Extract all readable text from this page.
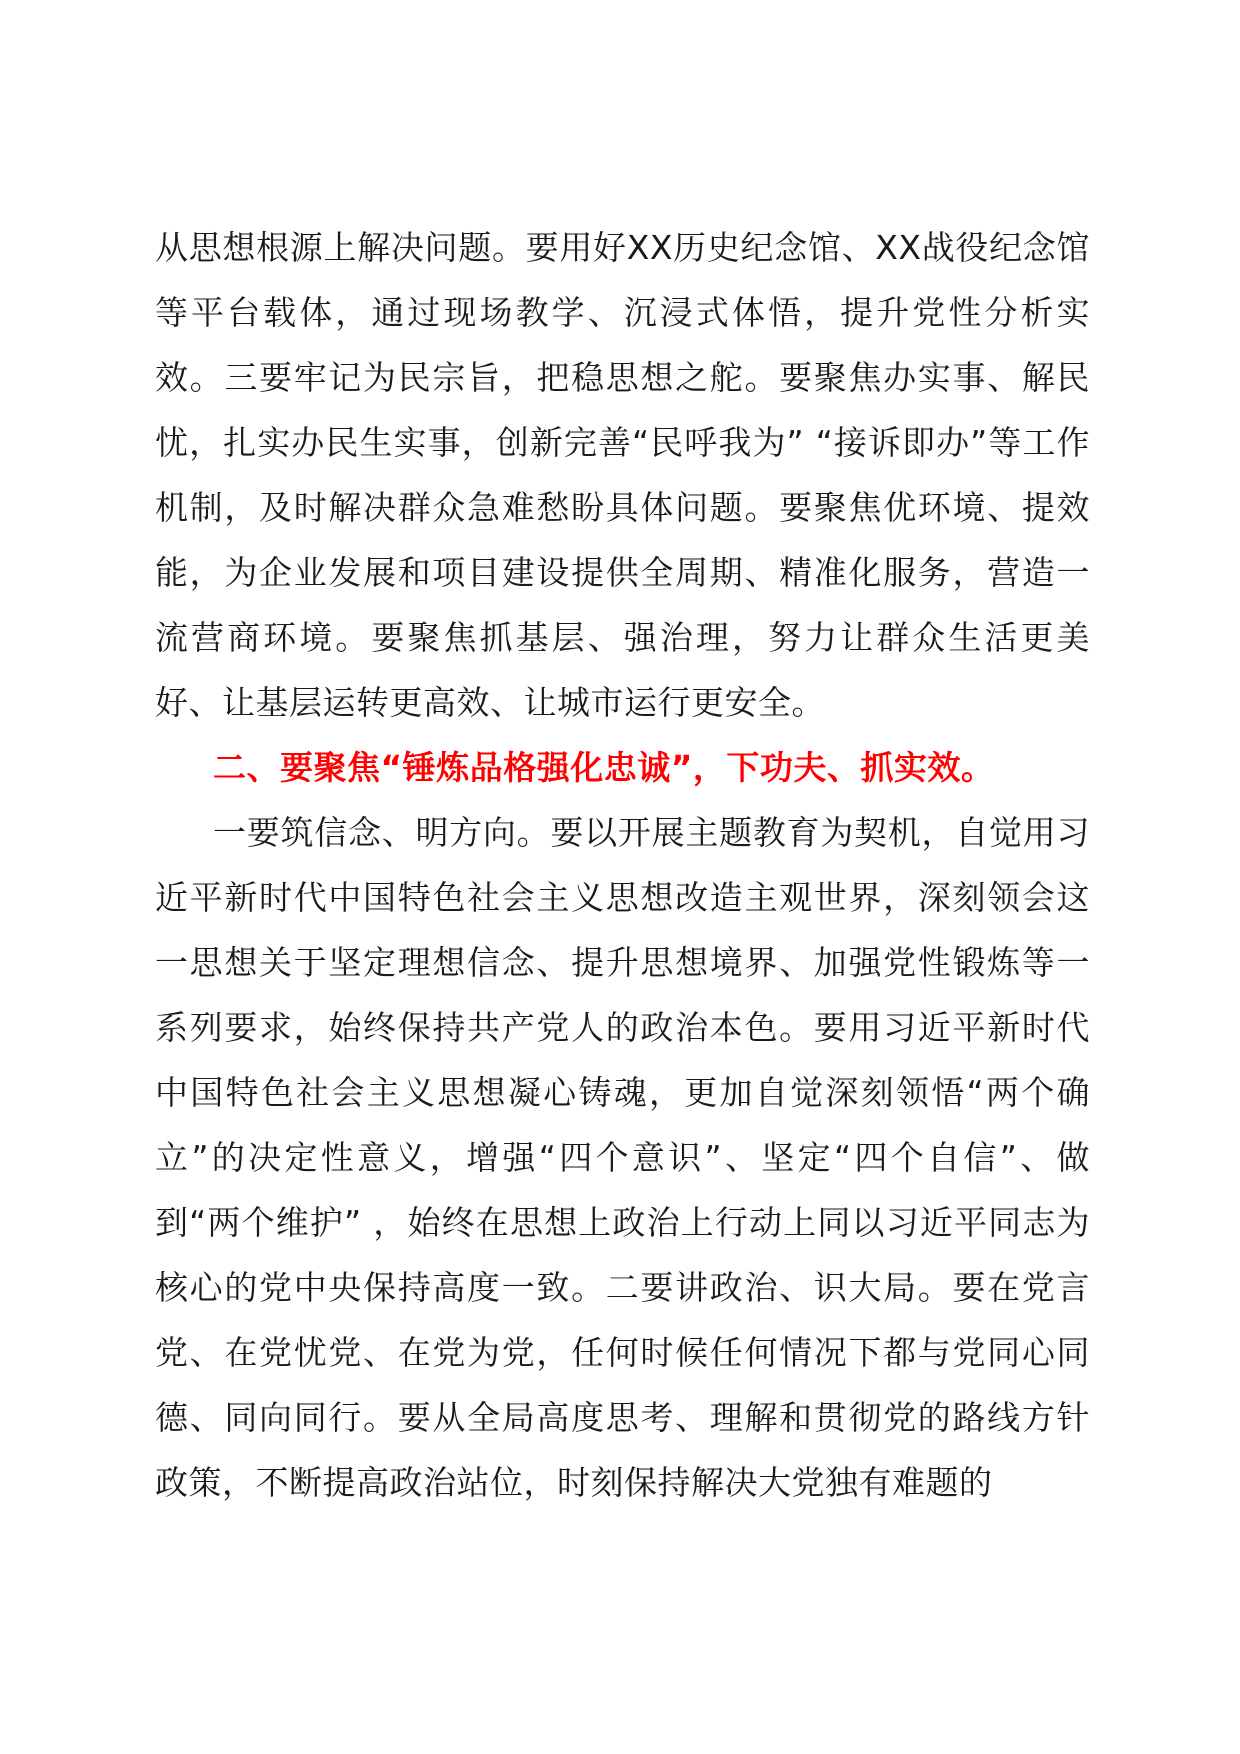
从思想根源上解决问题。要用好XX历史纪念馆、XX战役纪念馆等平台载体，通过现场教学、沉浸式体悟，提升党性分析实效。三要牢记为民宗旨，把稳思想之舵。要聚焦办实事、解民忧，扎实办民生实事，创新完善“民呼我为” “接诉即办”等工作机制，及时解决群众急难愁盼具体问题。要聚焦优环境、提效能，为企业发展和项目建设提供全周期、精准化服务，营造一流营商环境。要聚焦抓基层、强治理，努力让群众生活更美好、让基层运转更高效、让城市运行更安全。

二、要聚焦“锤炼品格强化忠诚”，下功夫、抓实效。

一要筑信念、明方向。要以开展主题教育为契机，自觉用习近平新时代中国特色社会主义思想改造主观世界，深刻领会这一思想关于坚定理想信念、提升思想境界、加强党性锻炼等一系列要求，始终保持共产党人的政治本色。要用习近平新时代中国特色社会主义思想凝心铸魂，更加自觉深刻领悟“两个确立”的决定性意义，增强“四个意识”、坚定“四个自信”、做到“两个维护” ，始终在思想上政治上行动上同以习近平同志为核心的党中央保持高度一致。二要讲政治、识大局。要在党言党、在党忧党、在党为党，任何时候任何情况下都与党同心同德、同向同行。要从全局高度思考、理解和贯彻党的路线方针政策，不断提高政治站位，时刻保持解决大党独有难题的
